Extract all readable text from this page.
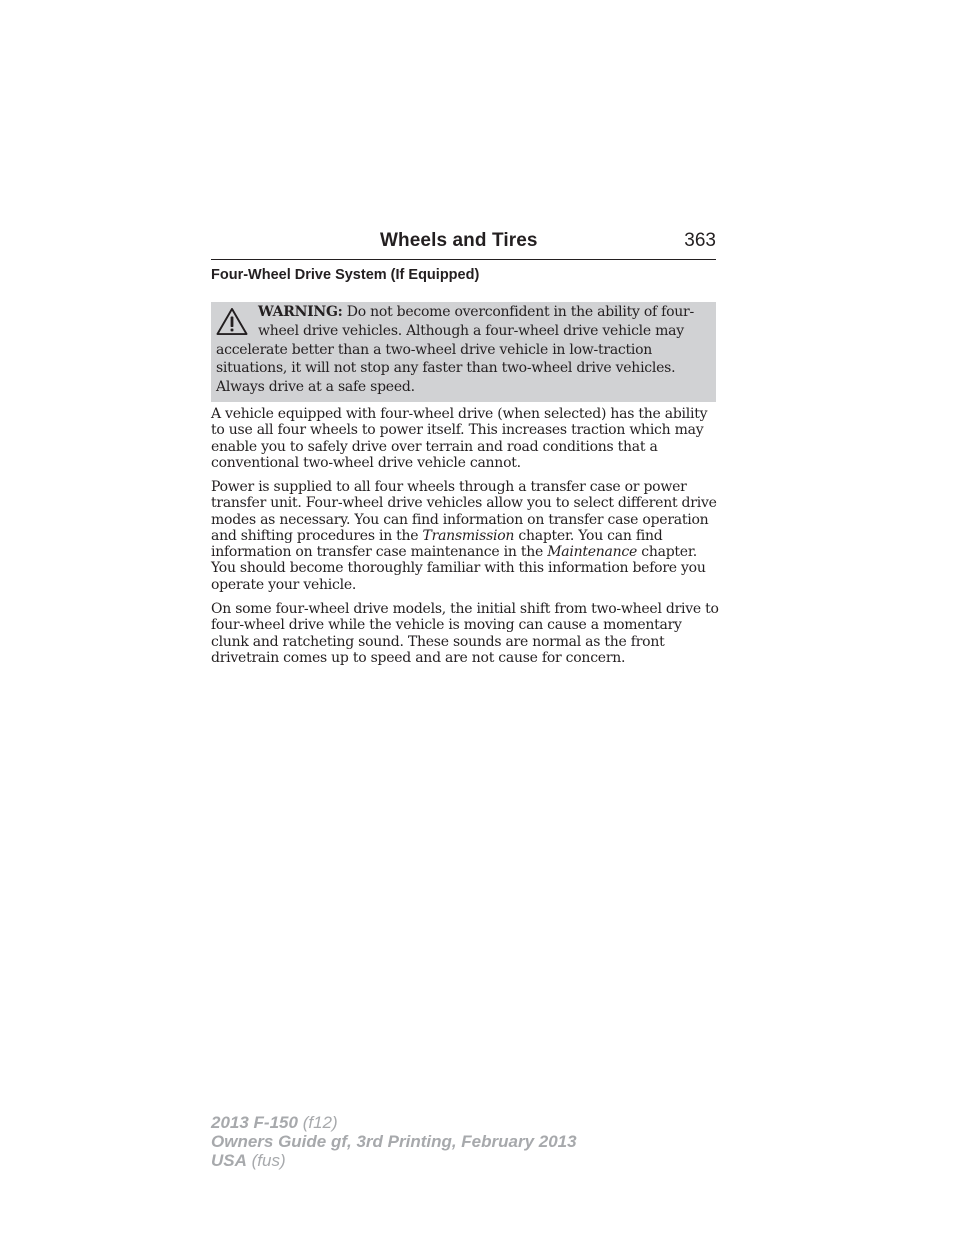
Wheels and Tires	363
Four-Wheel Drive System (If Equipped)
WARNING: Do not become overconfident in the ability of four-wheel drive vehicles. Although a four-wheel drive vehicle may accelerate better than a two-wheel drive vehicle in low-traction situations, it will not stop any faster than two-wheel drive vehicles. Always drive at a safe speed.

A vehicle equipped with four-wheel drive (when selected) has the ability to use all four wheels to power itself. This increases traction which may enable you to safely drive over terrain and road conditions that a conventional two-wheel drive vehicle cannot.

Power is supplied to all four wheels through a transfer case or power transfer unit. Four-wheel drive vehicles allow you to select different drive modes as necessary. You can find information on transfer case operation and shifting procedures in the Transmission chapter. You can find information on transfer case maintenance in the Maintenance chapter. You should become thoroughly familiar with this information before you operate your vehicle.

On some four-wheel drive models, the initial shift from two-wheel drive to four-wheel drive while the vehicle is moving can cause a momentary clunk and ratcheting sound. These sounds are normal as the front drivetrain comes up to speed and are not cause for concern.

2013 F-150 (f12)
Owners Guide gf, 3rd Printing, February 2013
USA (fus)
